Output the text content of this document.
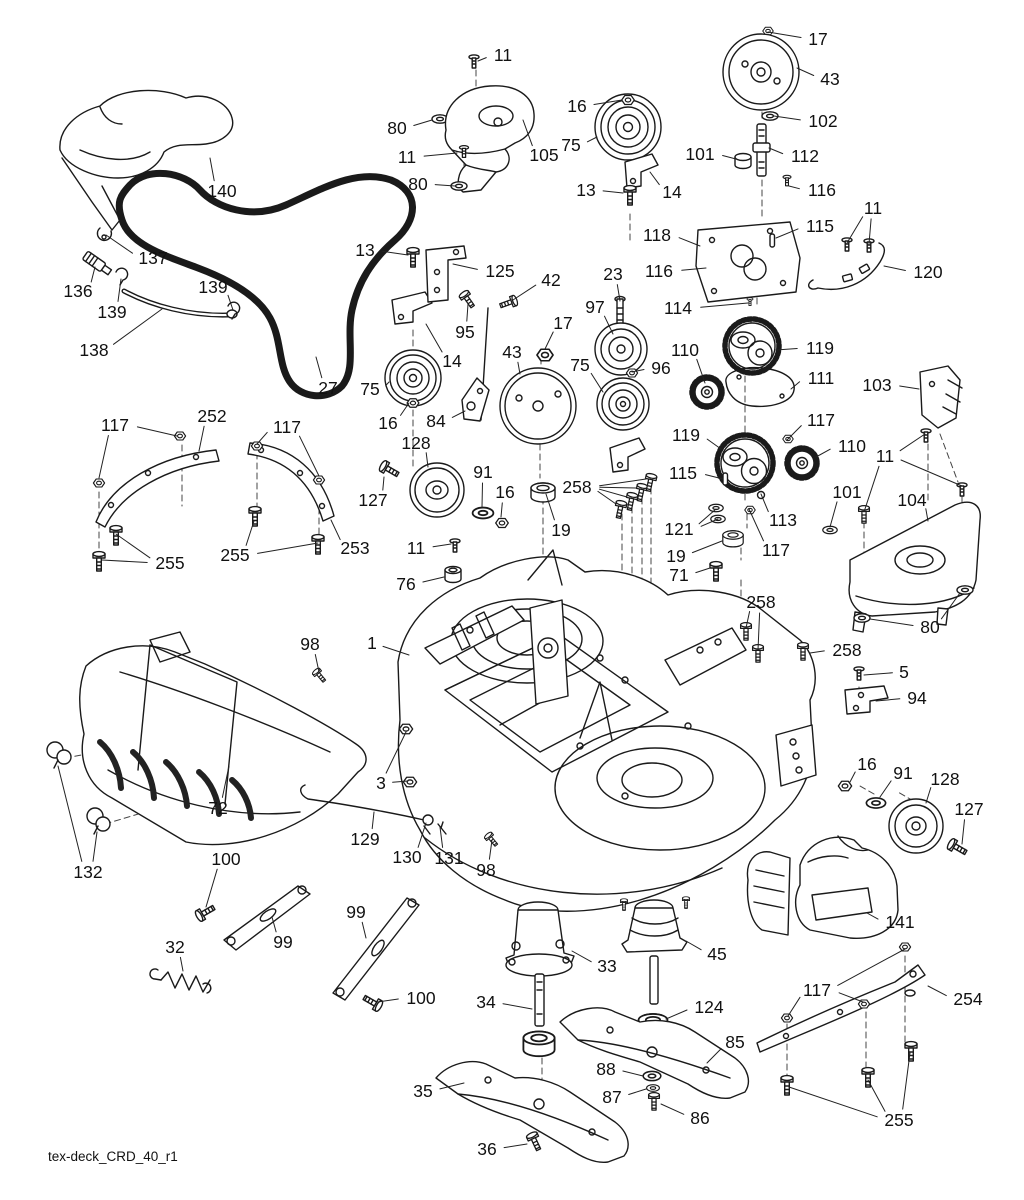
11
17
43
16
80	102
105 75	101	112
11
80	13	14	116
140
11
115
118
116	120
13
137
136	139
139
125 42 23
97	114
138
95	17
110	119
27 75
43
75	96	111 103
14
16 84	117
119
110 11
117	252
117
101 104
128
91
16
127
258
115
121	113
19
117
19
71
255 255	253 11
76
98	1
258
80
258
5
94
72
3
16 91 128
127
129
130 131
98
132
100
99
32
99
100 34
33
45
124
141
85
88
87
86
35
36
117	254
255
tex-deck_CRD_40_r1
